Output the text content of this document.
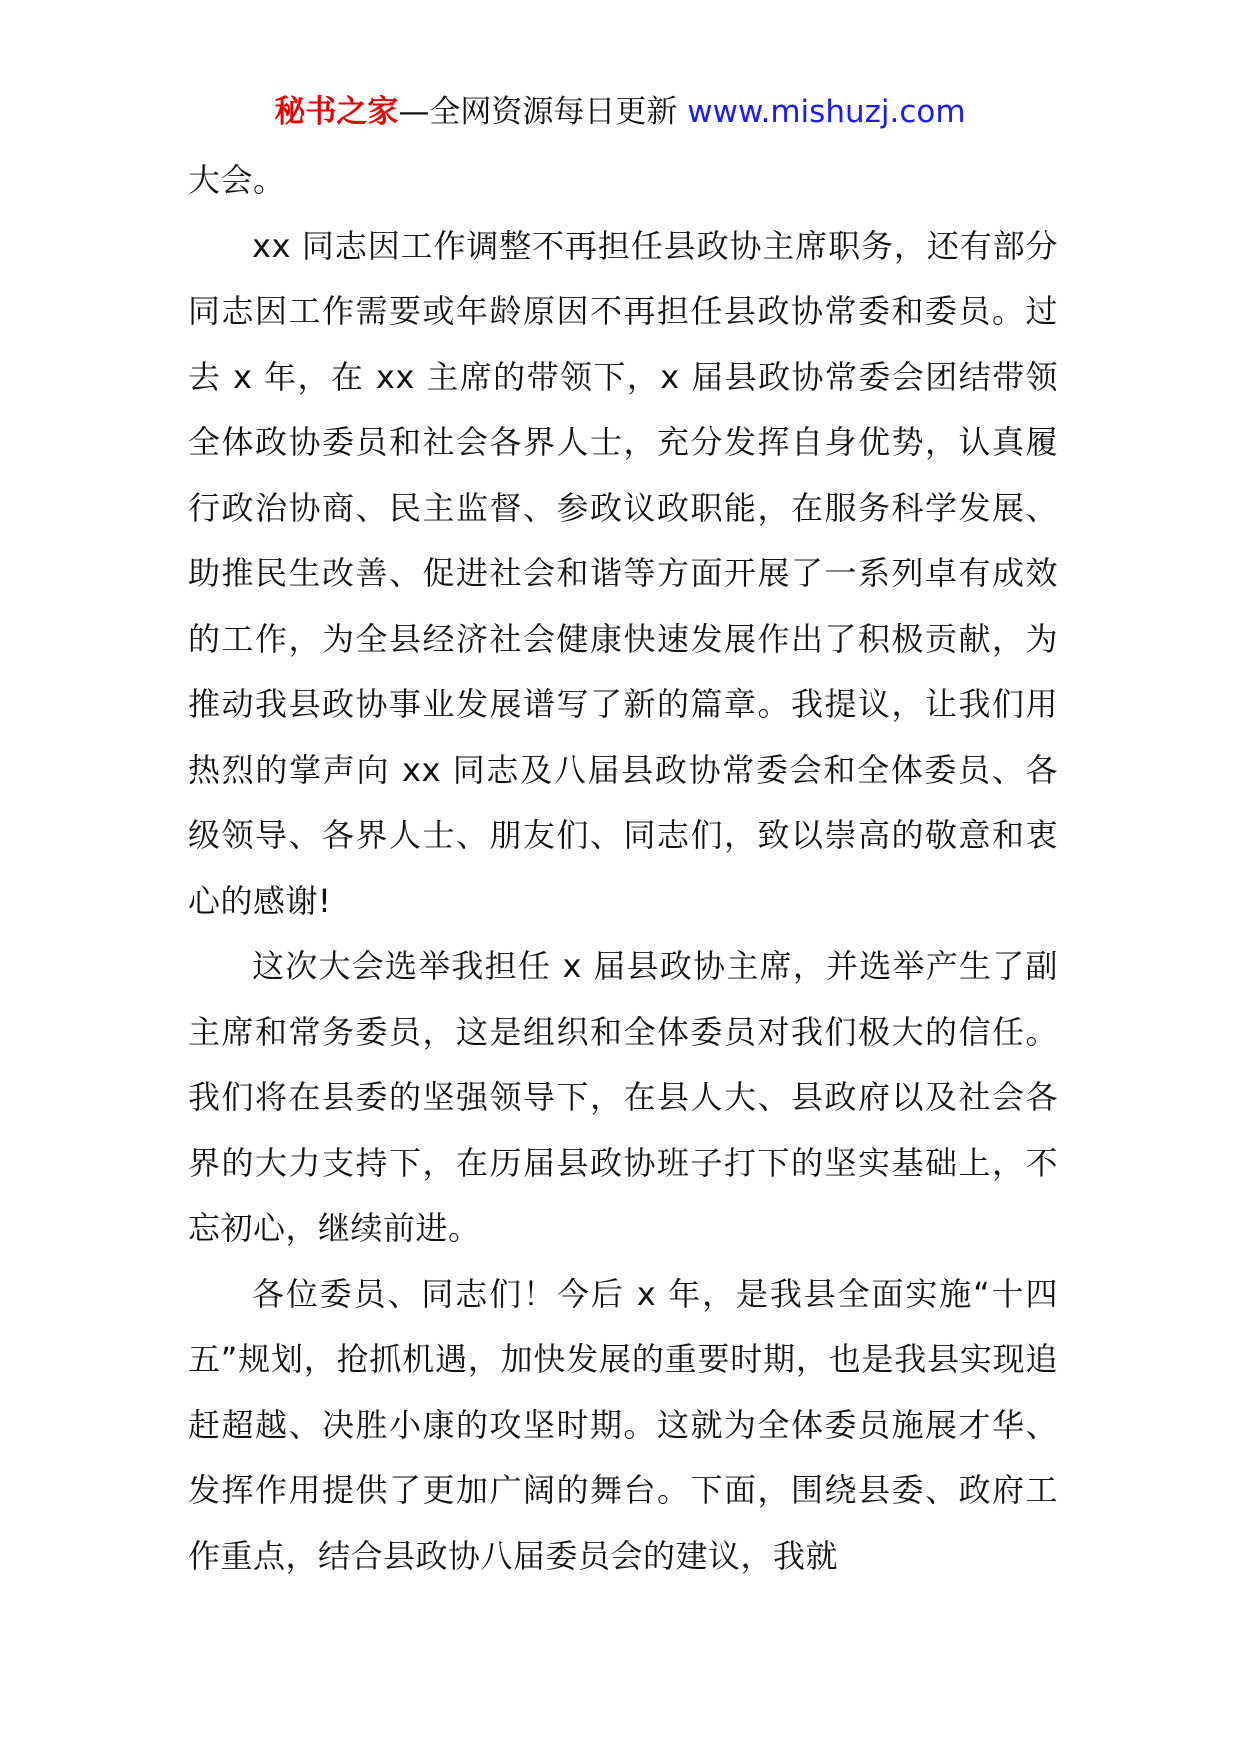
秘书之家—全网资源每日更新 www.mishuzj.com

大会。

xx 同志因工作调整不再担任县政协主席职务，还有部分同志因工作需要或年龄原因不再担任县政协常委和委员。过去 x 年，在 xx 主席的带领下，x 届县政协常委会团结带领全体政协委员和社会各界人士，充分发挥自身优势，认真履行政治协商、民主监督、参政议政职能，在服务科学发展、助推民生改善、促进社会和谐等方面开展了一系列卓有成效的工作，为全县经济社会健康快速发展作出了积极贡献，为推动我县政协事业发展谱写了新的篇章。我提议，让我们用热烈的掌声向 xx 同志及八届县政协常委会和全体委员、各级领导、各界人士、朋友们、同志们，致以崇高的敬意和衷心的感谢!

这次大会选举我担任 x 届县政协主席，并选举产生了副主席和常务委员，这是组织和全体委员对我们极大的信任。我们将在县委的坚强领导下，在县人大、县政府以及社会各界的大力支持下，在历届县政协班子打下的坚实基础上，不忘初心，继续前进。

各位委员、同志们！今后 x 年，是我县全面实施“十四五”规划，抢抓机遇，加快发展的重要时期，也是我县实现追赶超越、决胜小康的攻坚时期。这就为全体委员施展才华、发挥作用提供了更加广阔的舞台。下面，围绕县委、政府工作重点，结合县政协八届委员会的建议，我就
